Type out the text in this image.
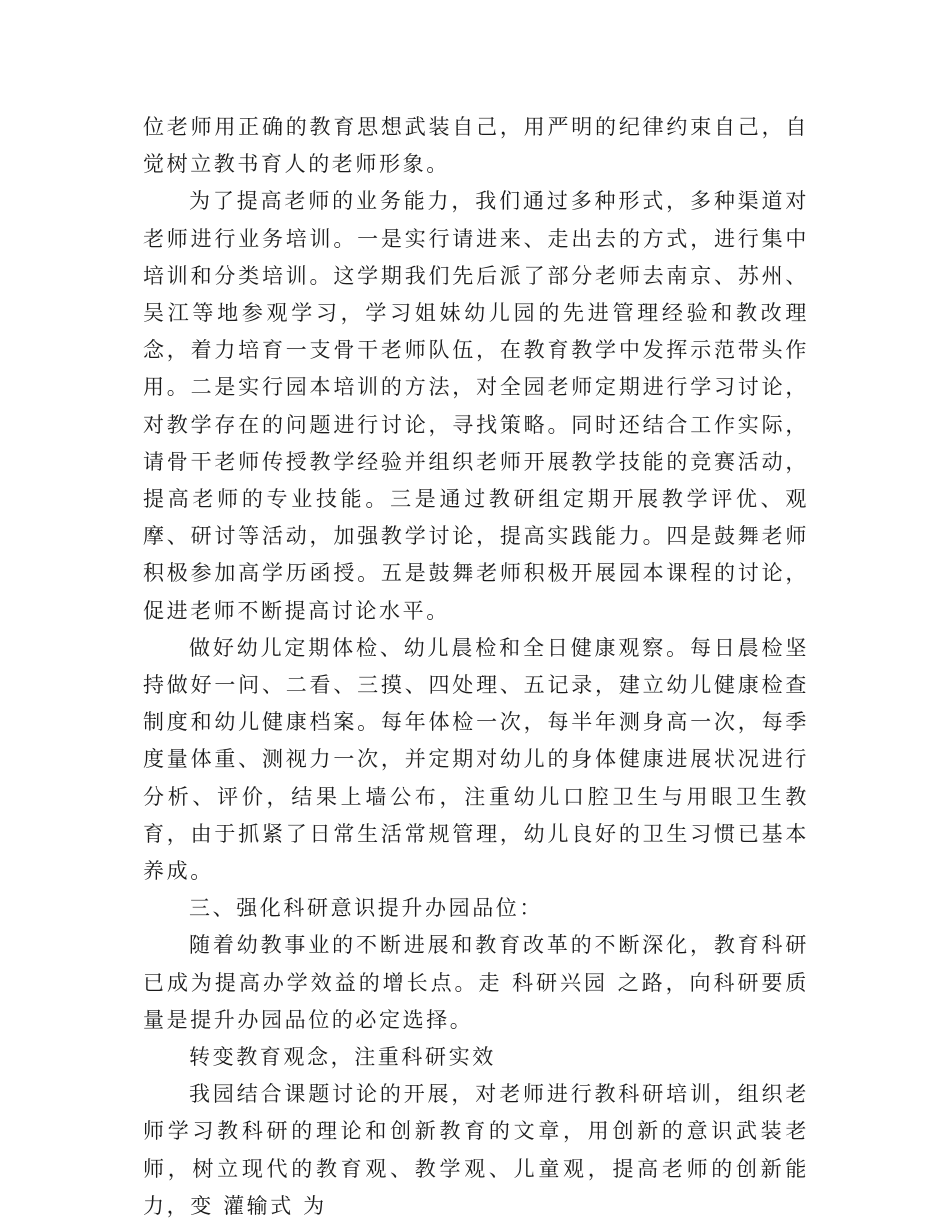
位老师用正确的教育思想武装自己，用严明的纪律约束自己，自觉树立教书育人的老师形象。

为了提高老师的业务能力，我们通过多种形式，多种渠道对老师进行业务培训。一是实行请进来、走出去的方式，进行集中培训和分类培训。这学期我们先后派了部分老师去南京、苏州、吴江等地参观学习，学习姐妹幼儿园的先进管理经验和教改理念，着力培育一支骨干老师队伍，在教育教学中发挥示范带头作用。二是实行园本培训的方法，对全园老师定期进行学习讨论，对教学存在的问题进行讨论，寻找策略。同时还结合工作实际，请骨干老师传授教学经验并组织老师开展教学技能的竞赛活动，提高老师的专业技能。三是通过教研组定期开展教学评优、观摩、研讨等活动，加强教学讨论，提高实践能力。四是鼓舞老师积极参加高学历函授。五是鼓舞老师积极开展园本课程的讨论，促进老师不断提高讨论水平。

做好幼儿定期体检、幼儿晨检和全日健康观察。每日晨检坚持做好一问、二看、三摸、四处理、五记录，建立幼儿健康检查制度和幼儿健康档案。每年体检一次，每半年测身高一次，每季度量体重、测视力一次，并定期对幼儿的身体健康进展状况进行分析、评价，结果上墙公布，注重幼儿口腔卫生与用眼卫生教育，由于抓紧了日常生活常规管理，幼儿良好的卫生习惯已基本养成。

三、强化科研意识提升办园品位：

随着幼教事业的不断进展和教育改革的不断深化，教育科研已成为提高办学效益的增长点。走 科研兴园 之路，向科研要质量是提升办园品位的必定选择。

转变教育观念，注重科研实效

我园结合课题讨论的开展，对老师进行教科研培训，组织老师学习教科研的理论和创新教育的文章，用创新的意识武装老师，树立现代的教育观、教学观、儿童观，提高老师的创新能力，变 灌输式 为
